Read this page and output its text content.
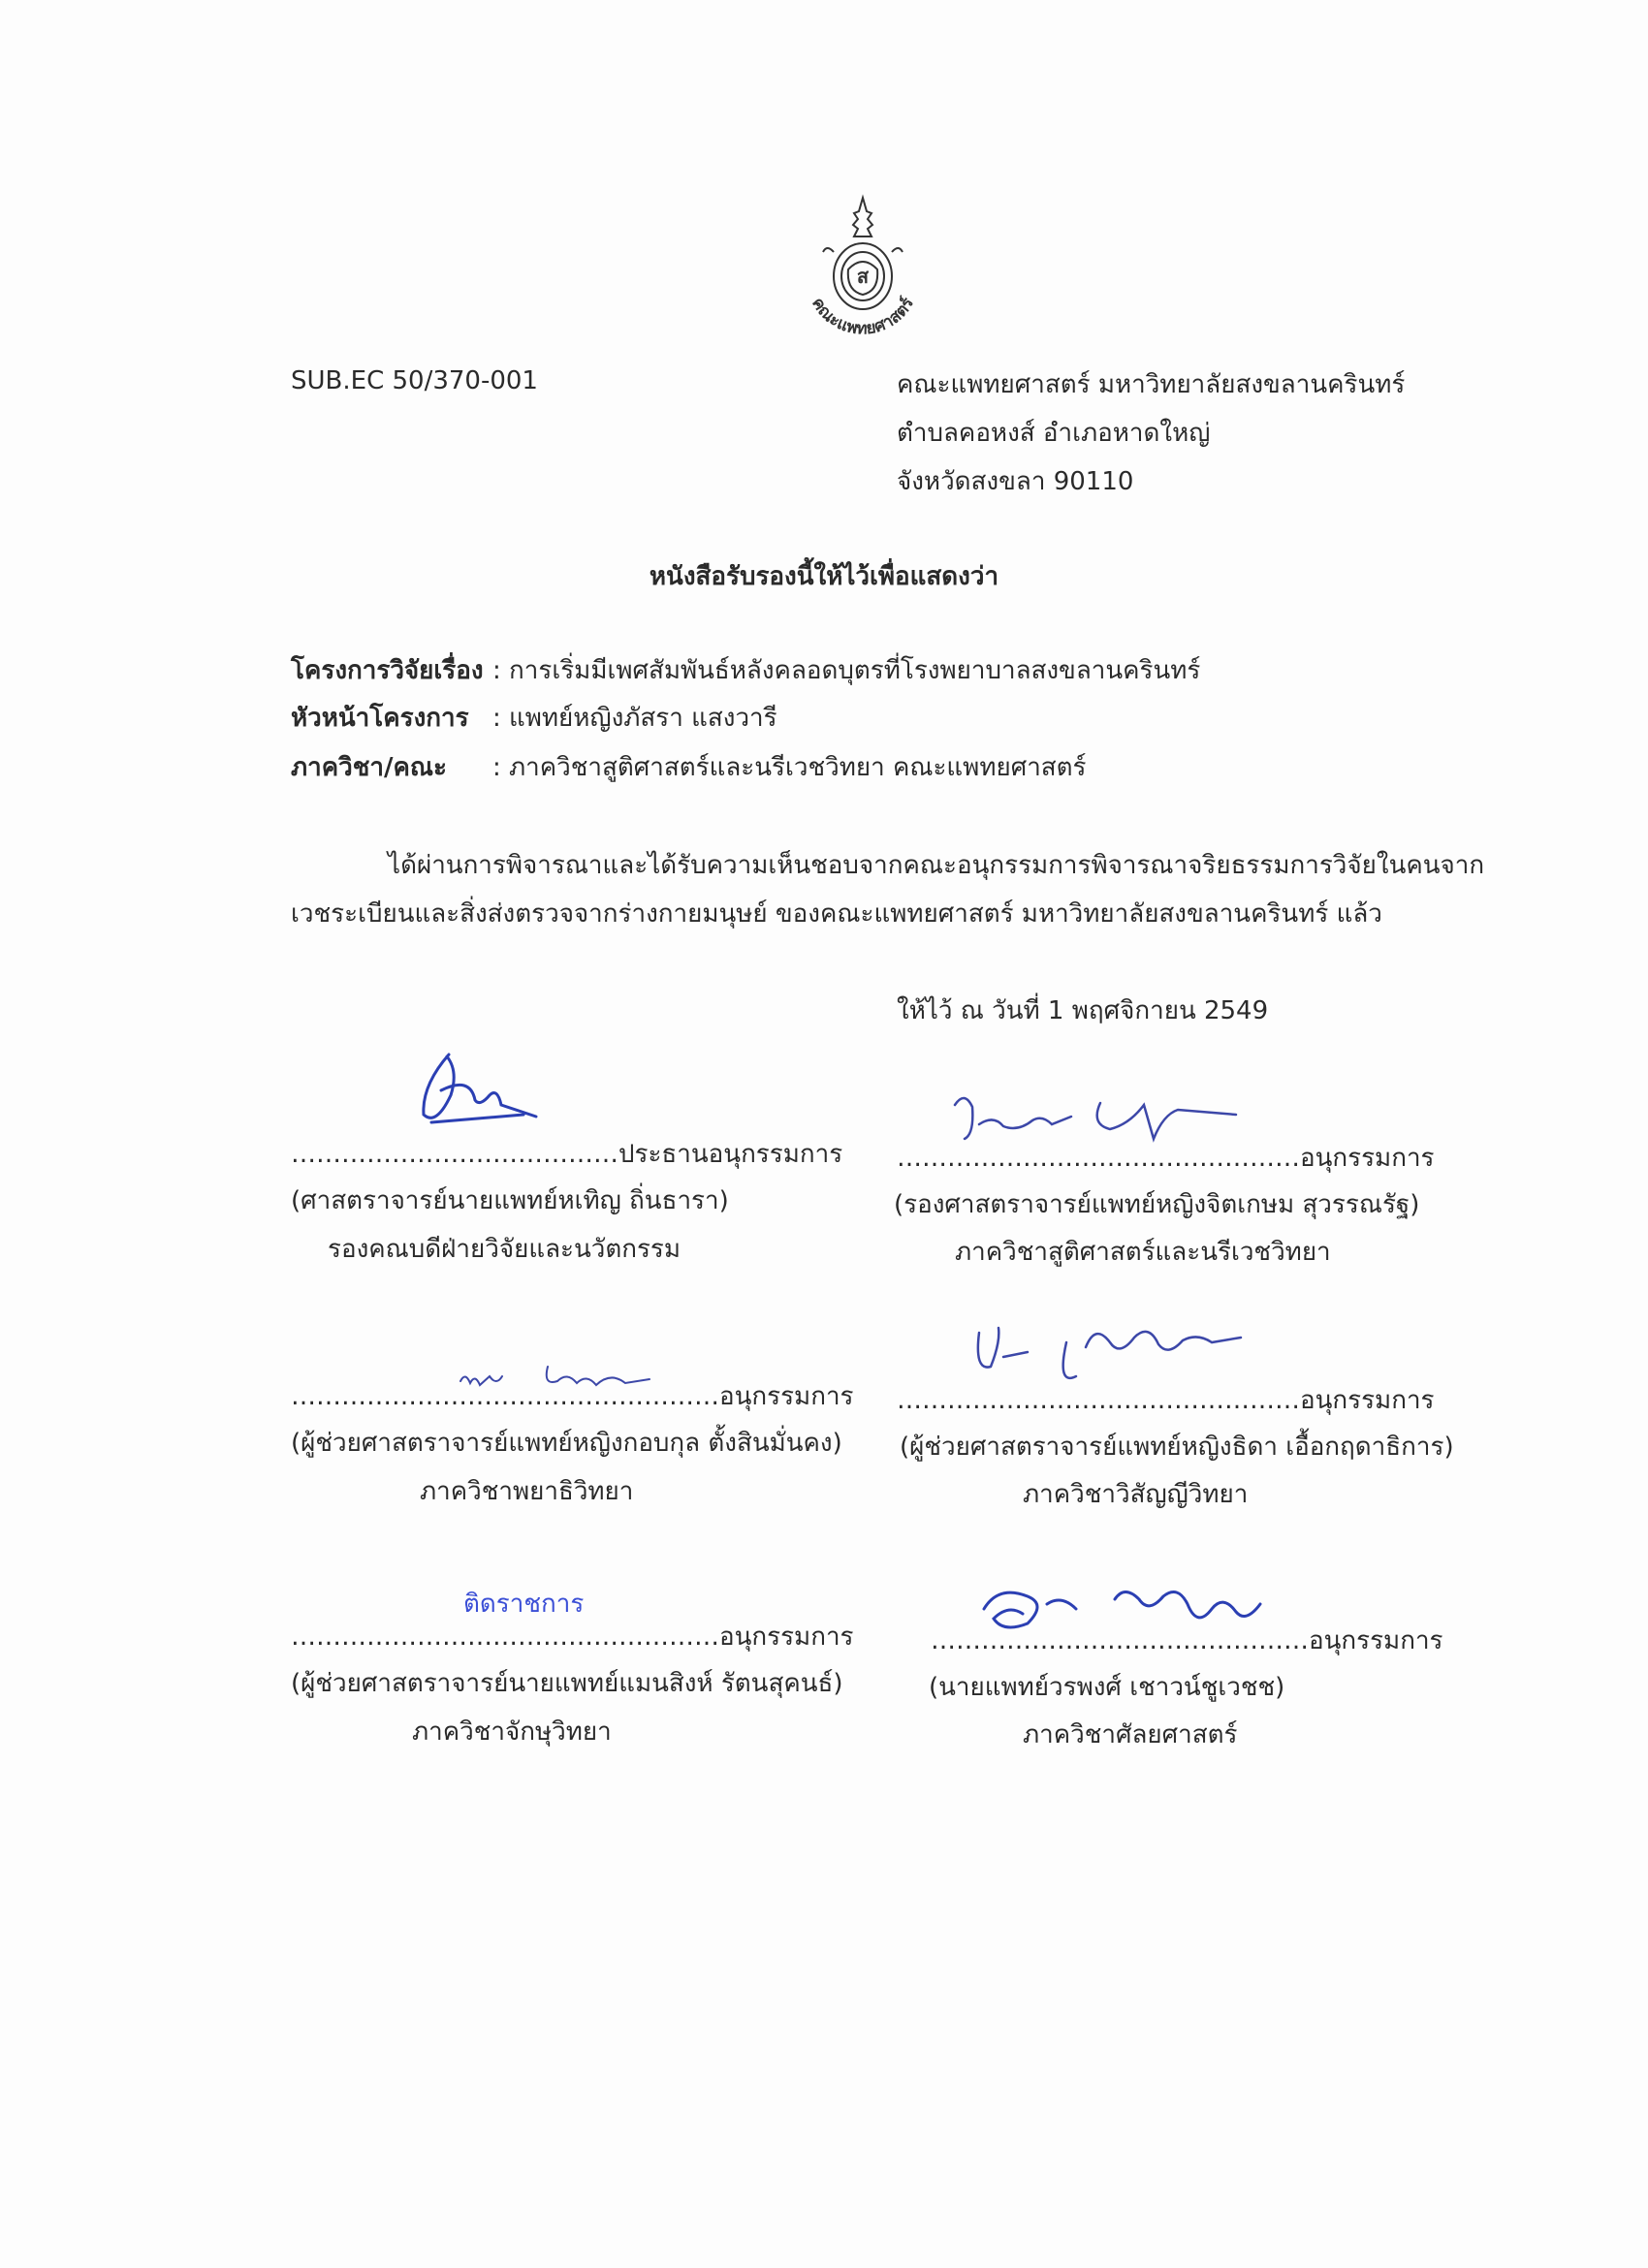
ส
คณะแพทยศาสตร์
SUB.EC 50/370-001	คณะแพทยศาสตร์ มหาวิทยาลัยสงขลานครินทร์
ตำบลคอหงส์ อำเภอหาดใหญ่
จังหวัดสงขลา 90110
หนังสือรับรองนี้ให้ไว้เพื่อแสดงว่า
โครงการวิจัยเรื่อง : การเริ่มมีเพศสัมพันธ์หลังคลอดบุตรที่โรงพยาบาลสงขลานครินทร์
หัวหน้าโครงการ : แพทย์หญิงภัสรา แสงวารี
ภาควิชา/คณะ : ภาควิชาสูติศาสตร์และนรีเวชวิทยา คณะแพทยศาสตร์
ได้ผ่านการพิจารณาและได้รับความเห็นชอบจากคณะอนุกรรมการพิจารณาจริยธรรมการวิจัยในคนจาก
เวชระเบียนและสิ่งส่งตรวจจากร่างกายมนุษย์ ของคณะแพทยศาสตร์ มหาวิทยาลัยสงขลานครินทร์ แล้ว
ให้ไว้ ณ วันที่ 1 พฤศจิกายน 2549
…………………………………ประธานอนุกรรมการ
(ศาสตราจารย์นายแพทย์หเทิญ ถิ่นธารา)
รองคณบดีฝ่ายวิจัยและนวัตกรรม
…………………………………………อนุกรรมการ
(รองศาสตราจารย์แพทย์หญิงจิตเกษม สุวรรณรัฐ)
ภาควิชาสูติศาสตร์และนรีเวชวิทยา
……………………………………………อนุกรรมการ
(ผู้ช่วยศาสตราจารย์แพทย์หญิงกอบกุล ตั้งสินมั่นคง)
ภาควิชาพยาธิวิทยา
…………………………………………อนุกรรมการ
(ผู้ช่วยศาสตราจารย์แพทย์หญิงธิดา เอื้อกฤดาธิการ)
ภาควิชาวิสัญญีวิทยา
ติดราชการ
……………………………………………อนุกรรมการ
(ผู้ช่วยศาสตราจารย์นายแพทย์แมนสิงห์ รัตนสุคนธ์)
ภาควิชาจักษุวิทยา
………………………………………อนุกรรมการ
(นายแพทย์วรพงศ์ เชาวน์ชูเวชช)
ภาควิชาศัลยศาสตร์
